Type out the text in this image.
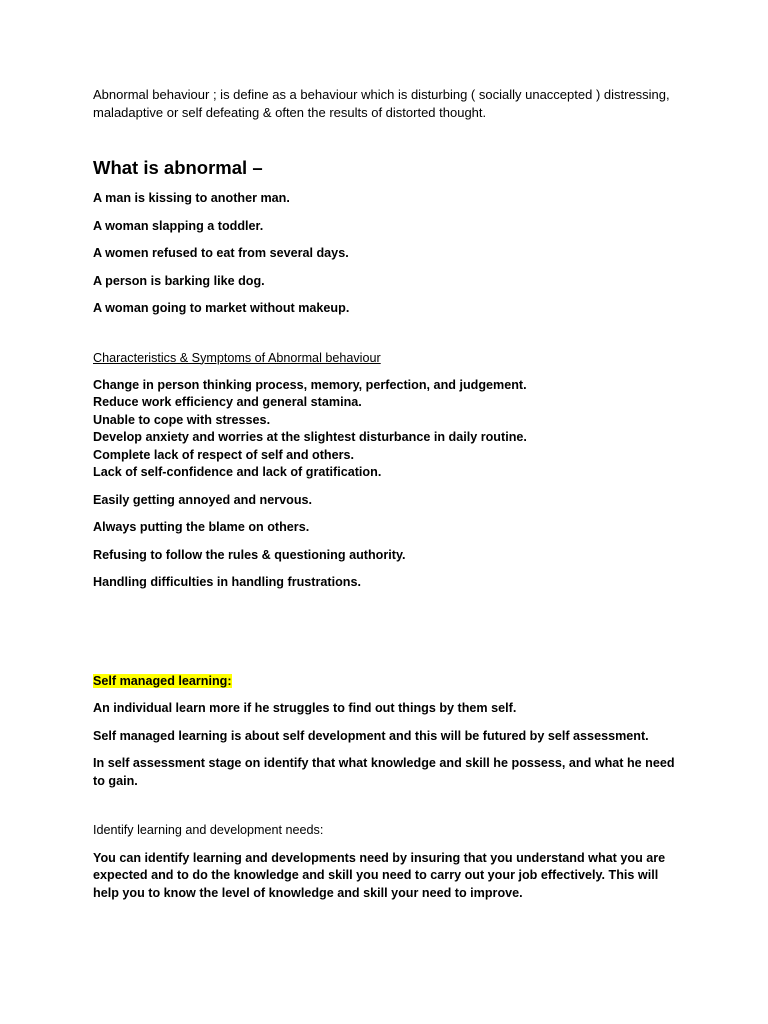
Abnormal behaviour ; is define as a behaviour which is disturbing ( socially unaccepted ) distressing, maladaptive or self defeating & often the results of distorted thought.

What is abnormal –
A man is kissing to another man.
A woman slapping a toddler.
A women refused to eat from several days.
A person is barking like dog.
A woman going to market without makeup.
Characteristics & Symptoms of Abnormal behaviour
Change in person thinking process, memory, perfection, and judgement.
Reduce work efficiency and general stamina.
Unable to cope with stresses.
Develop anxiety and worries at the slightest disturbance in daily routine.
Complete lack of respect of self and others.
Lack of self-confidence and lack of gratification.
Easily getting annoyed and nervous.
Always putting the blame on others.
Refusing to follow the rules & questioning authority.
Handling difficulties in handling frustrations.
Self managed learning:
An individual learn more if he struggles to find out things by them self.
Self managed learning is about self development and this will be futured by self assessment.
In self assessment stage on identify that what knowledge and skill he possess, and what he need to gain.
Identify learning and development needs:
You can identify learning and developments need by insuring that you understand what you are expected and to do the knowledge and skill you need to carry out your job effectively. This will help you to know the level of knowledge and skill your need to improve.
